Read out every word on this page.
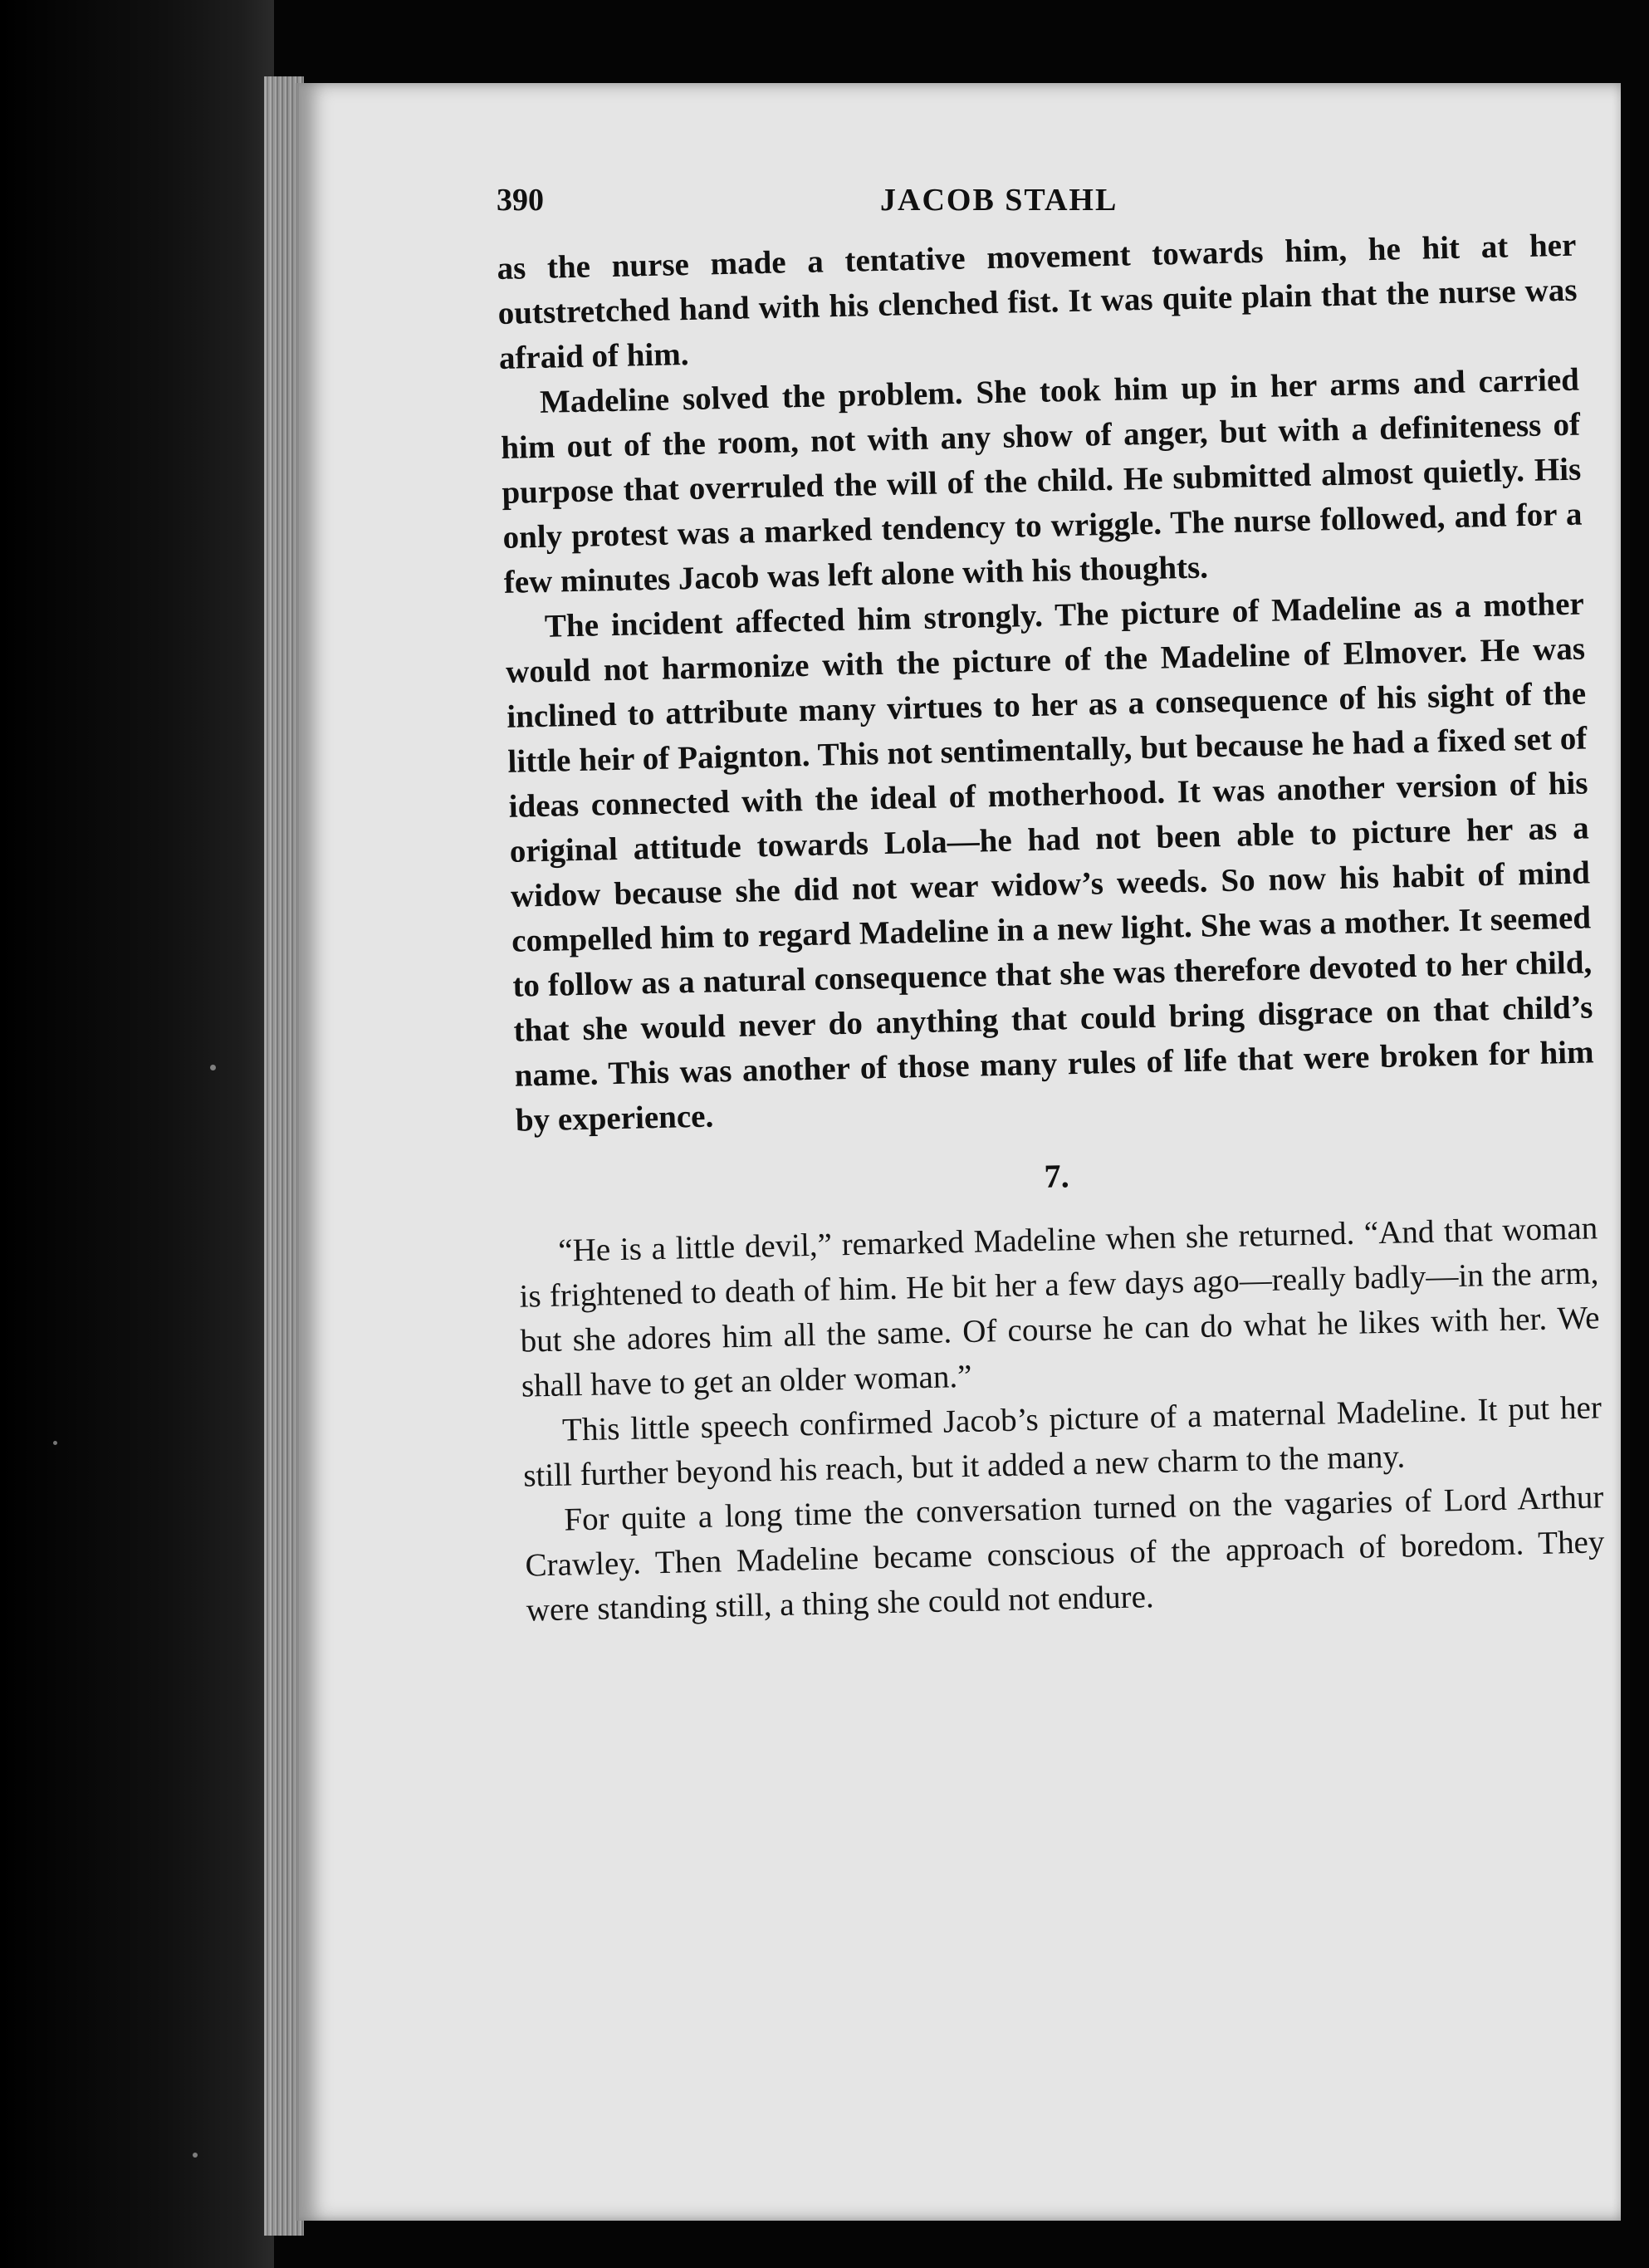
390	JACOB STAHL

as the nurse made a tentative movement towards him, he hit at her outstretched hand with his clenched fist. It was quite plain that the nurse was afraid of him.

Madeline solved the problem. She took him up in her arms and carried him out of the room, not with any show of anger, but with a definiteness of purpose that overruled the will of the child. He submitted almost quietly. His only protest was a marked tendency to wriggle. The nurse followed, and for a few minutes Jacob was left alone with his thoughts.

The incident affected him strongly. The picture of Madeline as a mother would not harmonize with the picture of the Madeline of Elmover. He was inclined to attribute many virtues to her as a consequence of his sight of the little heir of Paignton. This not sentimentally, but because he had a fixed set of ideas connected with the ideal of motherhood. It was another version of his original attitude towards Lola—he had not been able to picture her as a widow because she did not wear widow’s weeds. So now his habit of mind compelled him to regard Madeline in a new light. She was a mother. It seemed to follow as a natural consequence that she was therefore devoted to her child, that she would never do anything that could bring disgrace on that child’s name. This was another of those many rules of life that were broken for him by experience.

7.

“He is a little devil,” remarked Madeline when she returned. “And that woman is frightened to death of him. He bit her a few days ago—really badly—in the arm, but she adores him all the same. Of course he can do what he likes with her. We shall have to get an older woman.”

This little speech confirmed Jacob’s picture of a maternal Madeline. It put her still further beyond his reach, but it added a new charm to the many.

For quite a long time the conversation turned on the vagaries of Lord Arthur Crawley. Then Madeline became conscious of the approach of boredom. They were standing still, a thing she could not endure.
